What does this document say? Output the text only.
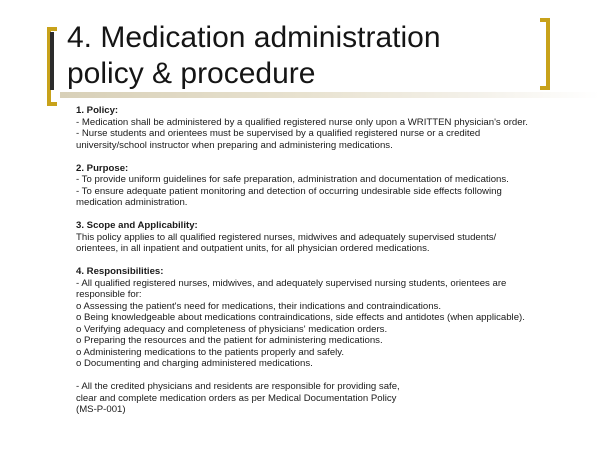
4. Medication administration
policy & procedure
1. Policy:
- Medication shall be administered by a qualified registered nurse only upon a WRITTEN physician's order.
- Nurse students and orientees must be supervised by a qualified registered nurse or a credited
university/school instructor when preparing and administering medications.
2. Purpose:
- To provide uniform guidelines for safe preparation, administration and documentation of medications.
- To ensure adequate patient monitoring and detection of occurring undesirable side effects following
medication administration.
3. Scope and Applicability:
This policy applies to all qualified registered nurses, midwives and adequately supervised students/
orientees, in all inpatient and outpatient units, for all physician ordered medications.
4. Responsibilities:
- All qualified registered nurses, midwives, and adequately supervised nursing students, orientees are
responsible for:
o Assessing the patient's need for medications, their indications and contraindications.
o Being knowledgeable about medications contraindications, side effects and antidotes (when applicable).
o Verifying adequacy and completeness of physicians' medication orders.
o Preparing the resources and the patient for administering medications.
o Administering medications to the patients properly and safely.
o Documenting and charging administered medications.
- All the credited physicians and residents are responsible for providing safe,
clear and complete medication orders as per Medical Documentation Policy
(MS-P-001)
